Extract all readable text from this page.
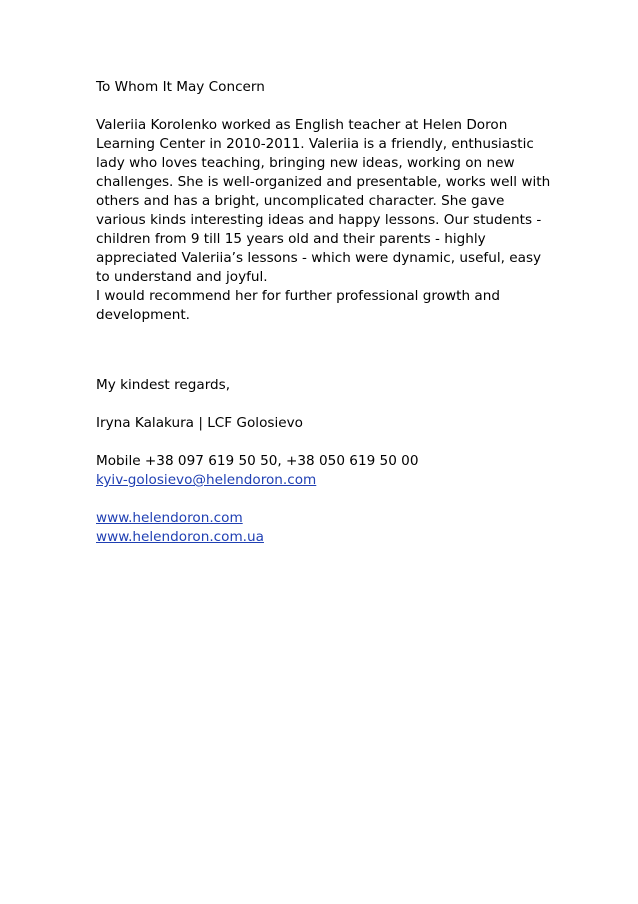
To Whom It May Concern

Valeriia Korolenko worked as English teacher at Helen Doron
Learning Center in 2010-2011. Valeriia is a friendly, enthusiastic
lady who loves teaching, bringing new ideas, working on new
challenges. She is well-organized and presentable, works well with
others and has a bright, uncomplicated character. She gave
various kinds interesting ideas and happy lessons. Our students -
children from 9 till 15 years old and their parents - highly
appreciated Valeriia’s lessons - which were dynamic, useful, easy
to understand and joyful.
I would recommend her for further professional growth and
development.

My kindest regards,

Iryna Kalakura | LCF Golosievo

Mobile +38 097 619 50 50, +38 050 619 50 00

kyiv-golosievo@helendoron.com
www.helendoron.com
www.helendoron.com.ua
